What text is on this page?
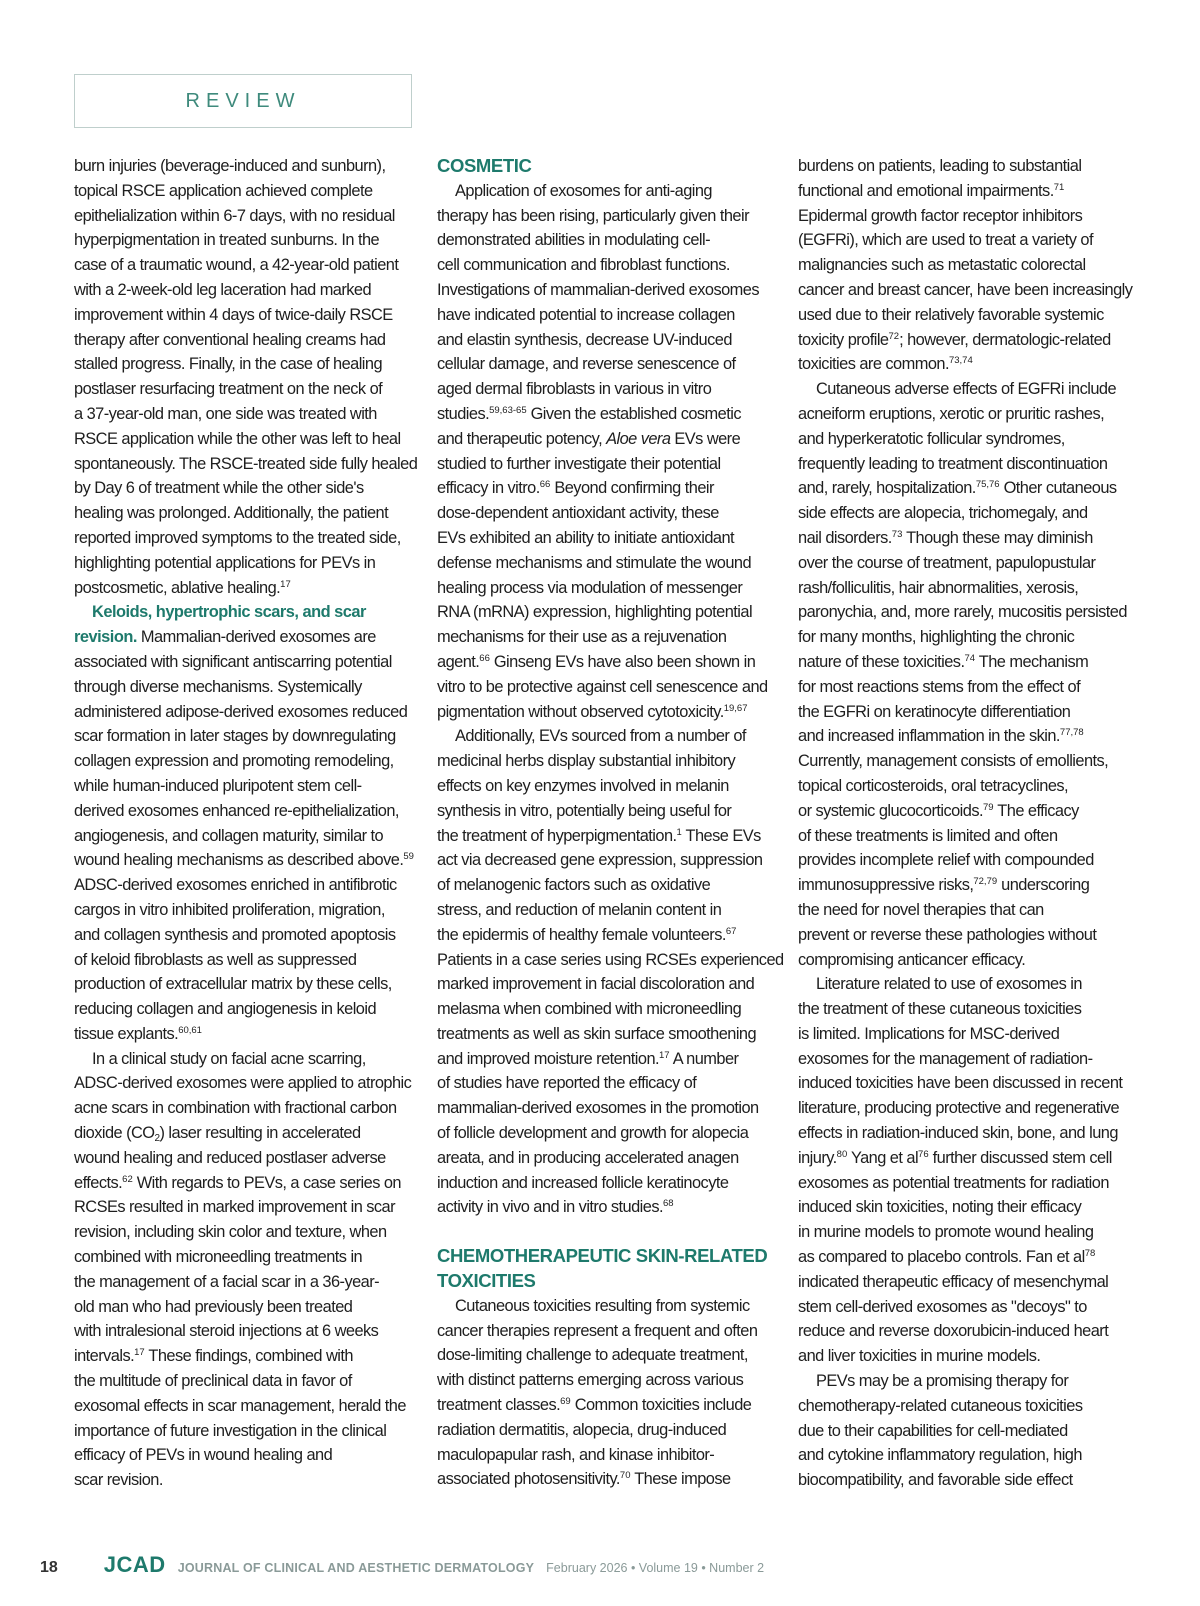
REVIEW
burn injuries (beverage-induced and sunburn),
topical RSCE application achieved complete
epithelialization within 6-7 days, with no residual
hyperpigmentation in treated sunburns. In the
case of a traumatic wound, a 42-year-old patient
with a 2-week-old leg laceration had marked
improvement within 4 days of twice-daily RSCE
therapy after conventional healing creams had
stalled progress. Finally, in the case of healing
postlaser resurfacing treatment on the neck of
a 37-year-old man, one side was treated with
RSCE application while the other was left to heal
spontaneously. The RSCE-treated side fully healed
by Day 6 of treatment while the other side's
healing was prolonged. Additionally, the patient
reported improved symptoms to the treated side,
highlighting potential applications for PEVs in
postcosmetic, ablative healing.$^{17}$
Keloids, hypertrophic scars, and scar
revision. Mammalian-derived exosomes are
associated with significant antiscarring potential
through diverse mechanisms. Systemically
administered adipose-derived exosomes reduced
scar formation in later stages by downregulating
collagen expression and promoting remodeling,
while human-induced pluripotent stem cell-
derived exosomes enhanced re-epithelialization,
angiogenesis, and collagen maturity, similar to
wound healing mechanisms as described above.$^{59}$
ADSC-derived exosomes enriched in antifibrotic
cargos in vitro inhibited proliferation, migration,
and collagen synthesis and promoted apoptosis
of keloid fibroblasts as well as suppressed
production of extracellular matrix by these cells,
reducing collagen and angiogenesis in keloid
tissue explants.$^{60,61}$
In a clinical study on facial acne scarring,
ADSC-derived exosomes were applied to atrophic
acne scars in combination with fractional carbon
dioxide $(CO_2)$ laser resulting in accelerated
wound healing and reduced postlaser adverse
effects.$^{62}$ With regards to PEVs, a case series on
RCSEs resulted in marked improvement in scar
revision, including skin color and texture, when
combined with microneedling treatments in
the management of a facial scar in a 36-year-
old man who had previously been treated
with intralesional steroid injections at 6 weeks
intervals.$^{17}$ These findings, combined with
the multitude of preclinical data in favor of
exosomal effects in scar management, herald the
importance of future investigation in the clinical
efficacy of PEVs in wound healing and
scar revision.
COSMETIC
Application of exosomes for anti-aging
therapy has been rising, particularly given their
demonstrated abilities in modulating cell-
cell communication and fibroblast functions.
Investigations of mammalian-derived exosomes
have indicated potential to increase collagen
and elastin synthesis, decrease UV-induced
cellular damage, and reverse senescence of
aged dermal fibroblasts in various in vitro
studies.$^{59,63-65}$ Given the established cosmetic
and therapeutic potency, Aloe vera EVs were
studied to further investigate their potential
efficacy in vitro.$^{66}$ Beyond confirming their
dose-dependent antioxidant activity, these
EVs exhibited an ability to initiate antioxidant
defense mechanisms and stimulate the wound
healing process via modulation of messenger
RNA (mRNA) expression, highlighting potential
mechanisms for their use as a rejuvenation
agent.$^{66}$ Ginseng EVs have also been shown in
vitro to be protective against cell senescence and
pigmentation without observed cytotoxicity.$^{19,67}$
Additionally, EVs sourced from a number of
medicinal herbs display substantial inhibitory
effects on key enzymes involved in melanin
synthesis in vitro, potentially being useful for
the treatment of hyperpigmentation.$^1$ These EVs
act via decreased gene expression, suppression
of melanogenic factors such as oxidative
stress, and reduction of melanin content in
the epidermis of healthy female volunteers.$^{67}$
Patients in a case series using RCSEs experienced
marked improvement in facial discoloration and
melasma when combined with microneedling
treatments as well as skin surface smoothening
and improved moisture retention.$^{17}$ A number
of studies have reported the efficacy of
mammalian-derived exosomes in the promotion
of follicle development and growth for alopecia
areata, and in producing accelerated anagen
induction and increased follicle keratinocyte
activity in vivo and in vitro studies.$^{68}$
CHEMOTHERAPEUTIC SKIN-RELATED
TOXICITIES
Cutaneous toxicities resulting from systemic
cancer therapies represent a frequent and often
dose-limiting challenge to adequate treatment,
with distinct patterns emerging across various
treatment classes.$^{69}$ Common toxicities include
radiation dermatitis, alopecia, drug-induced
maculopapular rash, and kinase inhibitor-
associated photosensitivity.$^{70}$ These impose
burdens on patients, leading to substantial
functional and emotional impairments.$^{71}$
Epidermal growth factor receptor inhibitors
(EGFRi), which are used to treat a variety of
malignancies such as metastatic colorectal
cancer and breast cancer, have been increasingly
used due to their relatively favorable systemic
toxicity profile$^{72}$; however, dermatologic-related
toxicities are common.$^{73,74}$
Cutaneous adverse effects of EGFRi include
acneiform eruptions, xerotic or pruritic rashes,
and hyperkeratotic follicular syndromes,
frequently leading to treatment discontinuation
and, rarely, hospitalization.$^{75,76}$ Other cutaneous
side effects are alopecia, trichomegaly, and
nail disorders.$^{73}$ Though these may diminish
over the course of treatment, papulopustular
rash/folliculitis, hair abnormalities, xerosis,
paronychia, and, more rarely, mucositis persisted
for many months, highlighting the chronic
nature of these toxicities.$^{74}$ The mechanism
for most reactions stems from the effect of
the EGFRi on keratinocyte differentiation
and increased inflammation in the skin.$^{77,78}$
Currently, management consists of emollients,
topical corticosteroids, oral tetracyclines,
or systemic glucocorticoids.$^{79}$ The efficacy
of these treatments is limited and often
provides incomplete relief with compounded
immunosuppressive risks,$^{72,79}$ underscoring
the need for novel therapies that can
prevent or reverse these pathologies without
compromising anticancer efficacy.
Literature related to use of exosomes in
the treatment of these cutaneous toxicities
is limited. Implications for MSC-derived
exosomes for the management of radiation-
induced toxicities have been discussed in recent
literature, producing protective and regenerative
effects in radiation-induced skin, bone, and lung
injury.$^{80}$ Yang et $al^{76}$ further discussed stem cell
exosomes as potential treatments for radiation
induced skin toxicities, noting their efficacy
in murine models to promote wound healing
as compared to placebo controls. Fan et $al^{78}$
indicated therapeutic efficacy of mesenchymal
stem cell-derived exosomes as "decoys" to
reduce and reverse doxorubicin-induced heart
and liver toxicities in murine models.
PEVs may be a promising therapy for
chemotherapy-related cutaneous toxicities
due to their capabilities for cell-mediated
and cytokine inflammatory regulation, high
biocompatibility, and favorable side effect
18 JCAD JOURNAL OF CLINICAL AND AESTHETIC DERMATOLOGY February 2026 • Volume 19 • Number 2
